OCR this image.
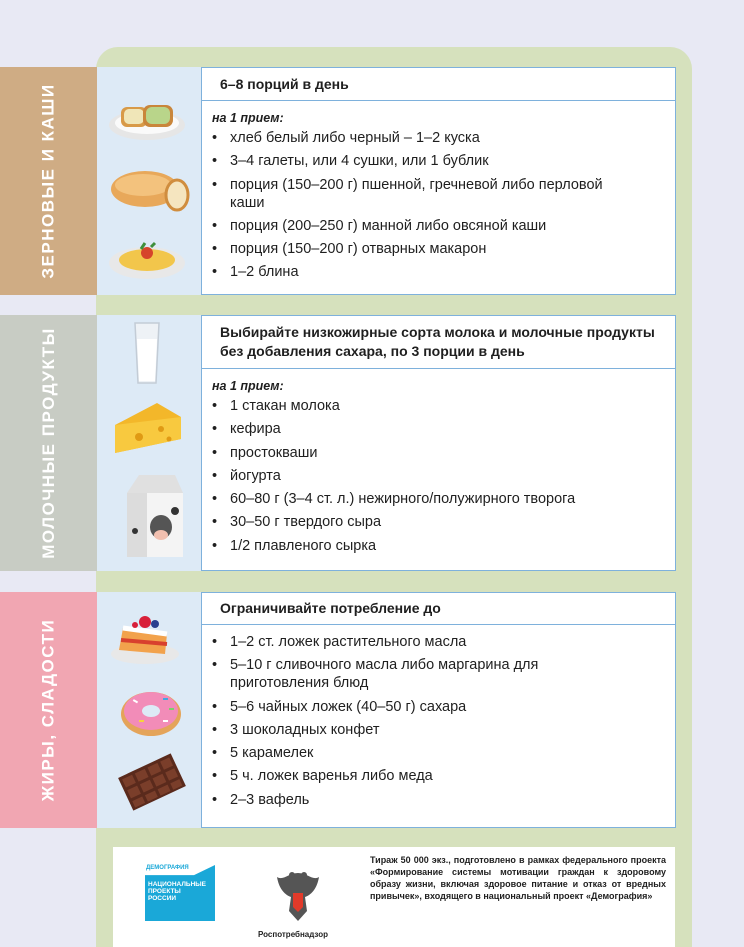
ЗЕРНОВЫЕ И КАШИ	6–8 порций в день
на 1 прием:
• хлеб белый либо черный – 1–2 куска
• 3–4 галеты, или 4 сушки, или 1 бублик
• порция (150–200 г) пшенной, гречневой либо перловой каши
• порция (200–250 г) манной либо овсяной каши
• порция (150–200 г) отварных макарон
• 1–2 блина
МОЛОЧНЫЕ ПРОДУКТЫ	Выбирайте низкожирные сорта молока и молочные продукты без добавления сахара, по 3 порции в день
на 1 прием:
• 1 стакан молока
• кефира
• простокваши
• йогурта
• 60–80 г (3–4 ст. л.) нежирного/полужирного творога
• 30–50 г твердого сыра
• 1/2 плавленого сырка
ЖИРЫ, СЛАДОСТИ
Ограничивайте потребление до
• 1–2 ст. ложек растительного масла
• 5–10 г сливочного масла либо маргарина для приготовления блюд
• 5–6 чайных ложек (40–50 г) сахара
• 3 шоколадных конфет
• 5 карамелек
• 5 ч. ложек варенья либо меда
• 2–3 вафель
ДЕМОГРАФИЯ
НАЦИОНАЛЬНЫЕ ПРОЕКТЫ РОССИИ
Роспотребнадзор
Тираж 50 000 экз., подготовлено в рамках федерального проекта «Формирование системы мотивации граждан к здоровому образу жизни, включая здоровое питание и отказ от вредных привычек», входящего в национальный проект «Демография»
